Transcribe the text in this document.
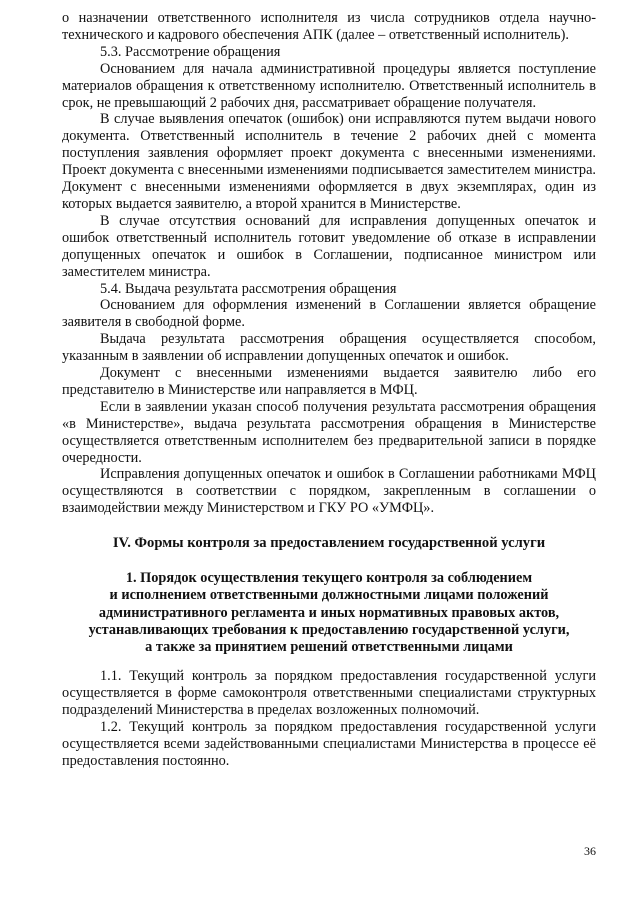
о назначении ответственного исполнителя из числа сотрудников отдела научно-технического и кадрового обеспечения АПК (далее – ответственный исполнитель).

5.3. Рассмотрение обращения

Основанием для начала административной процедуры является поступление материалов обращения к ответственному исполнителю. Ответственный исполнитель в срок, не превышающий 2 рабочих дня, рассматривает обращение получателя.

В случае выявления опечаток (ошибок) они исправляются путем выдачи нового документа. Ответственный исполнитель в течение 2 рабочих дней с момента поступления заявления оформляет проект документа с внесенными изменениями. Проект документа с внесенными изменениями подписывается заместителем министра. Документ с внесенными изменениями оформляется в двух экземплярах, один из которых выдается заявителю, а второй хранится в Министерстве.

В случае отсутствия оснований для исправления допущенных опечаток и ошибок ответственный исполнитель готовит уведомление об отказе в исправлении допущенных опечаток и ошибок в Соглашении, подписанное министром или заместителем министра.

5.4. Выдача результата рассмотрения обращения

Основанием для оформления изменений в Соглашении является обращение заявителя в свободной форме.

Выдача результата рассмотрения обращения осуществляется способом, указанным в заявлении об исправлении допущенных опечаток и ошибок.

Документ с внесенными изменениями выдается заявителю либо его представителю в Министерстве или направляется в МФЦ.

Если в заявлении указан способ получения результата рассмотрения обращения «в Министерстве», выдача результата рассмотрения обращения в Министерстве осуществляется ответственным исполнителем без предварительной записи в порядке очередности.

Исправления допущенных опечаток и ошибок в Соглашении работниками МФЦ осуществляются в соответствии с порядком, закрепленным в соглашении о взаимодействии между Министерством и ГКУ РО «УМФЦ».

IV. Формы контроля за предоставлением государственной услуги
1. Порядок осуществления текущего контроля за соблюдением
и исполнением ответственными должностными лицами положений
административного регламента и иных нормативных правовых актов,
устанавливающих требования к предоставлению государственной услуги,
а также за принятием решений ответственными лицами

1.1. Текущий контроль за порядком предоставления государственной услуги осуществляется в форме самоконтроля ответственными специалистами структурных подразделений Министерства в пределах возложенных полномочий.

1.2. Текущий контроль за порядком предоставления государственной услуги осуществляется всеми задействованными специалистами Министерства в процессе её предоставления постоянно.

36
